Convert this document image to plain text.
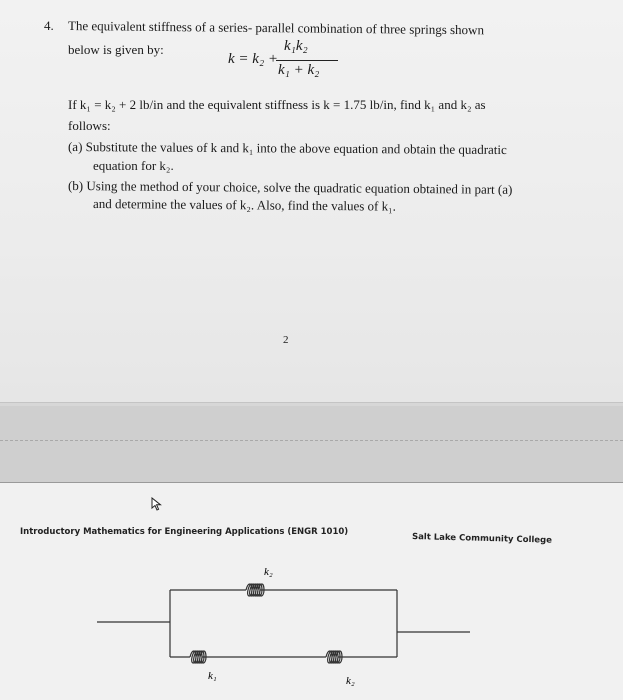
4. The equivalent stiffness of a series- parallel combination of three springs shown
below is given by:
k = k₂ +
k₁k₂
k₁ + k₂
If k₁ = k₂ + 2 lb/in and the equivalent stiffness is k = 1.75 lb/in, find k₁ and k₂ as
follows:
(a) Substitute the values of k and k₁ into the above equation and obtain the quadratic
equation for k₂.
(b) Using the method of your choice, solve the quadratic equation obtained in part (a)
and determine the values of k₂. Also, find the values of k₁.
2
Introductory Mathematics for Engineering Applications (ENGR 1010)
Salt Lake Community College
k₂
k₁	k₂
